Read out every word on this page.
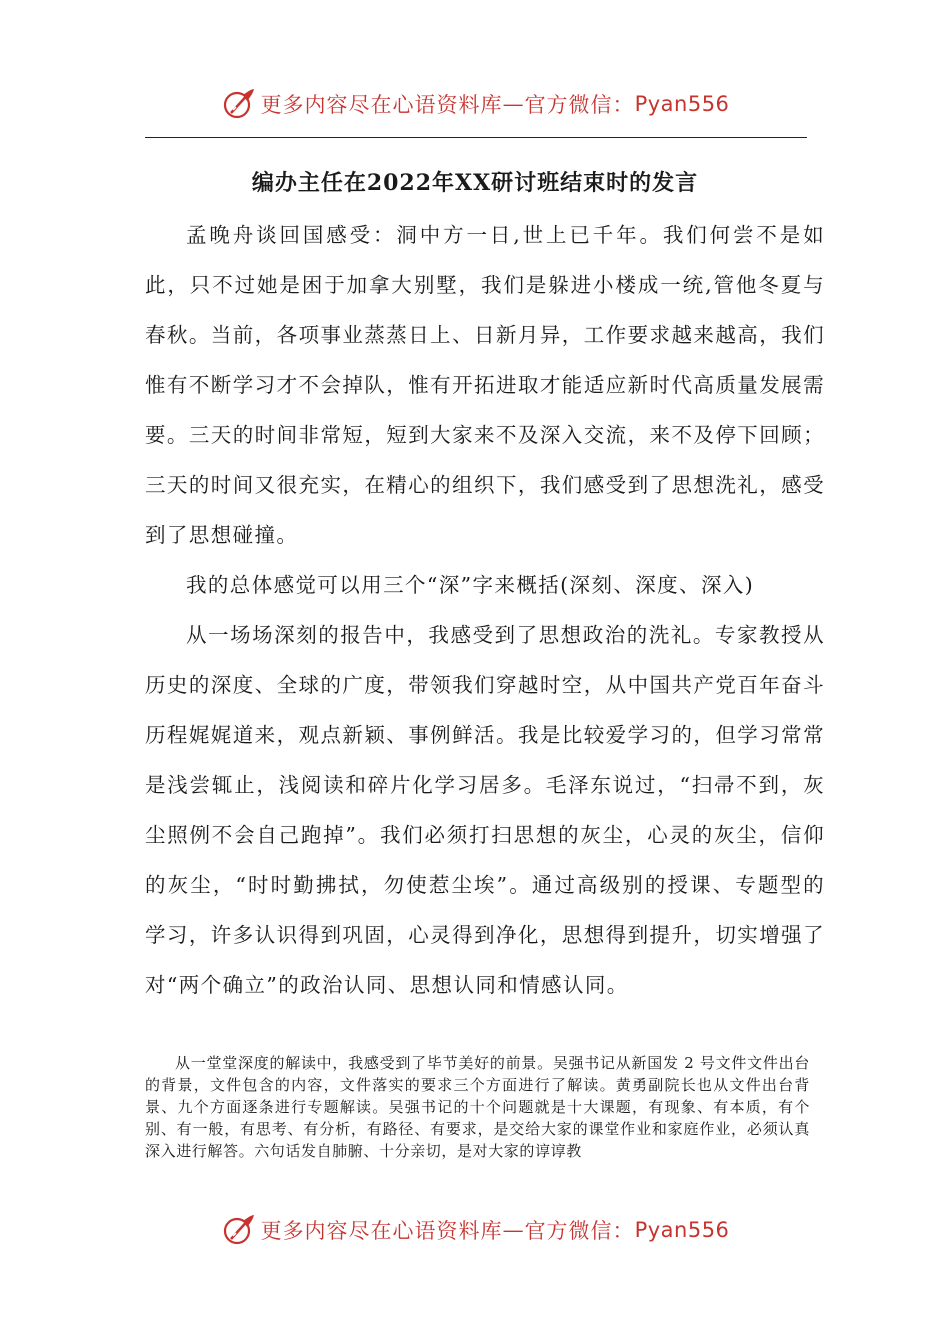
更多内容尽在心语资料库 — 官方微信： Pyan556
编办主任在2022年XX研讨班结束时的发言

孟晚舟谈回国感受：洞中方一日,世上已千年。我们何尝不是如此，只不过她是困于加拿大别墅，我们是躲进小楼成一统,管他冬夏与春秋。当前，各项事业蒸蒸日上、日新月异，工作要求越来越高，我们惟有不断学习才不会掉队，惟有开拓进取才能适应新时代高质量发展需要。三天的时间非常短，短到大家来不及深入交流，来不及停下回顾；三天的时间又很充实，在精心的组织下，我们感受到了思想洗礼，感受到了思想碰撞。

我的总体感觉可以用三个“深”字来概括(深刻、深度、深入)

从一场场深刻的报告中，我感受到了思想政治的洗礼。专家教授从历史的深度、全球的广度，带领我们穿越时空，从中国共产党百年奋斗历程娓娓道来，观点新颖、事例鲜活。我是比较爱学习的，但学习常常是浅尝辄止，浅阅读和碎片化学习居多。毛泽东说过，“扫帚不到，灰尘照例不会自己跑掉”。我们必须打扫思想的灰尘，心灵的灰尘，信仰的灰尘，“时时勤拂拭，勿使惹尘埃”。通过高级别的授课、专题型的学习，许多认识得到巩固，心灵得到净化，思想得到提升，切实增强了对“两个确立”的政治认同、思想认同和情感认同。

从一堂堂深度的解读中，我感受到了毕节美好的前景。吴强书记从新国发 2 号文件文件出台的背景，文件包含的内容，文件落实的要求三个方面进行了解读。黄勇副院长也从文件出台背景、九个方面逐条进行专题解读。吴强书记的十个问题就是十大课题，有现象、有本质，有个别、有一般，有思考、有分析，有路径、有要求，是交给大家的课堂作业和家庭作业，必须认真深入进行解答。六句话发自肺腑、十分亲切，是对大家的谆谆教

更多内容尽在心语资料库 — 官方微信： Pyan556
